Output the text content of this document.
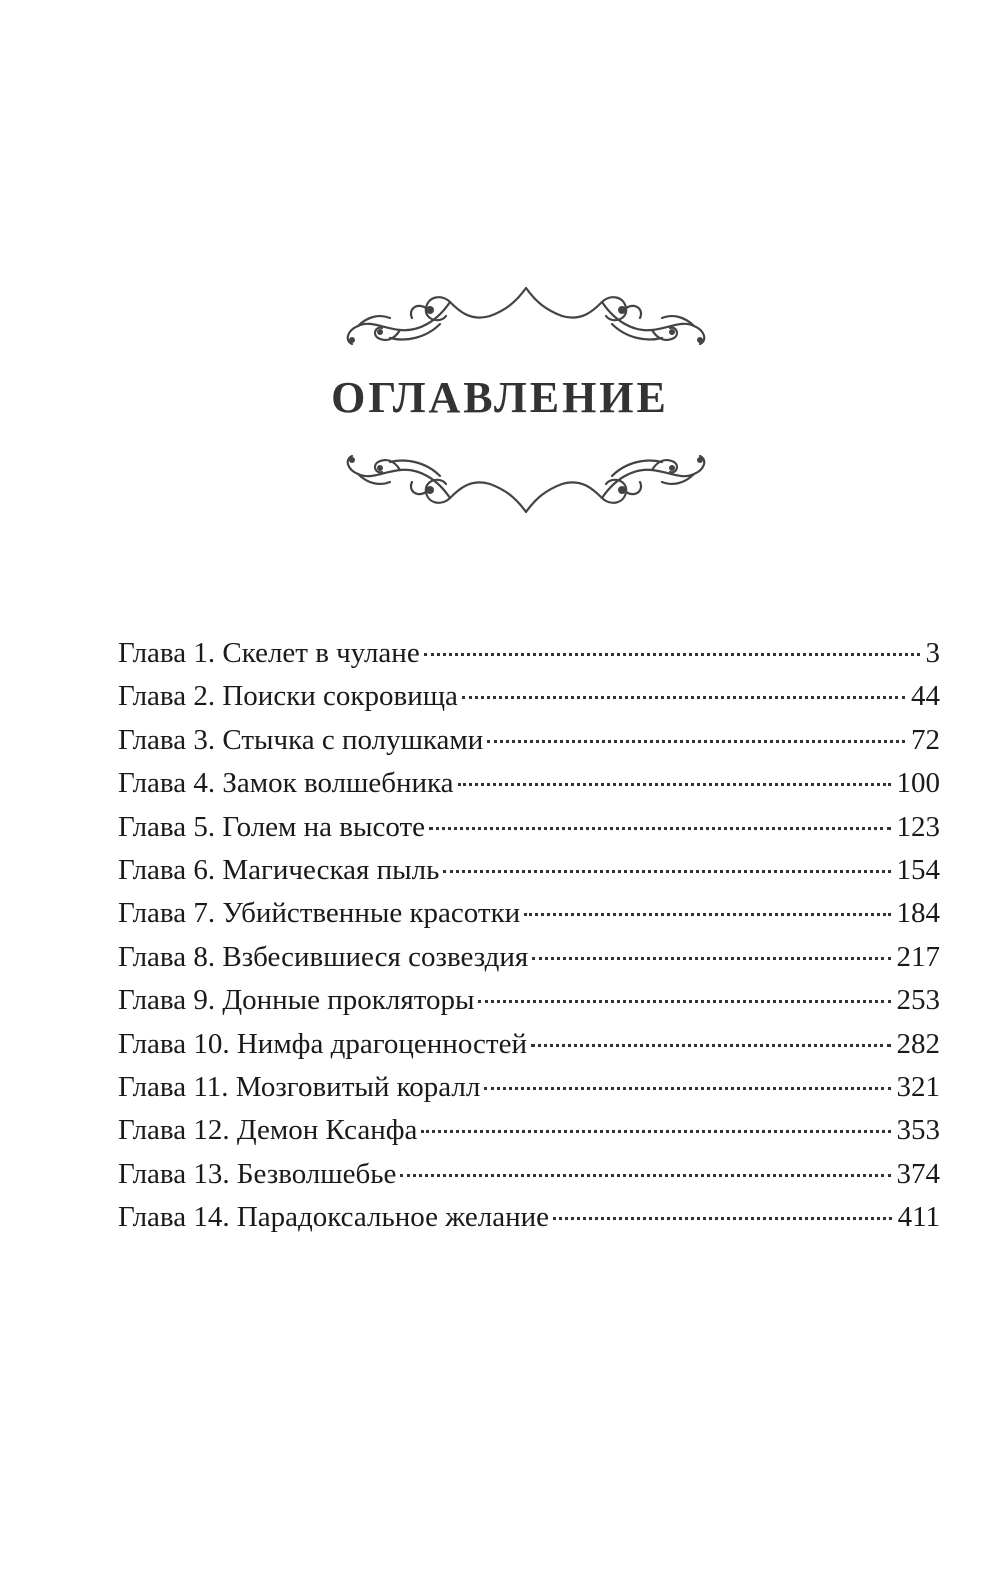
ОГЛАВЛЕНИЕ
Глава 1. Скелет в чулане	3
Глава 2. Поиски сокровища	44
Глава 3. Стычка с полушками	72
Глава 4. Замок волшебника	100
Глава 5. Голем на высоте	123
Глава 6. Магическая пыль	154
Глава 7. Убийственные красотки	184
Глава 8. Взбесившиеся созвездия	217
Глава 9. Донные прокляторы	253
Глава 10. Нимфа драгоценностей	282
Глава 11. Мозговитый коралл	321
Глава 12. Демон Ксанфа	353
Глава 13. Безволшебье	374
Глава 14. Парадоксальное желание	411
